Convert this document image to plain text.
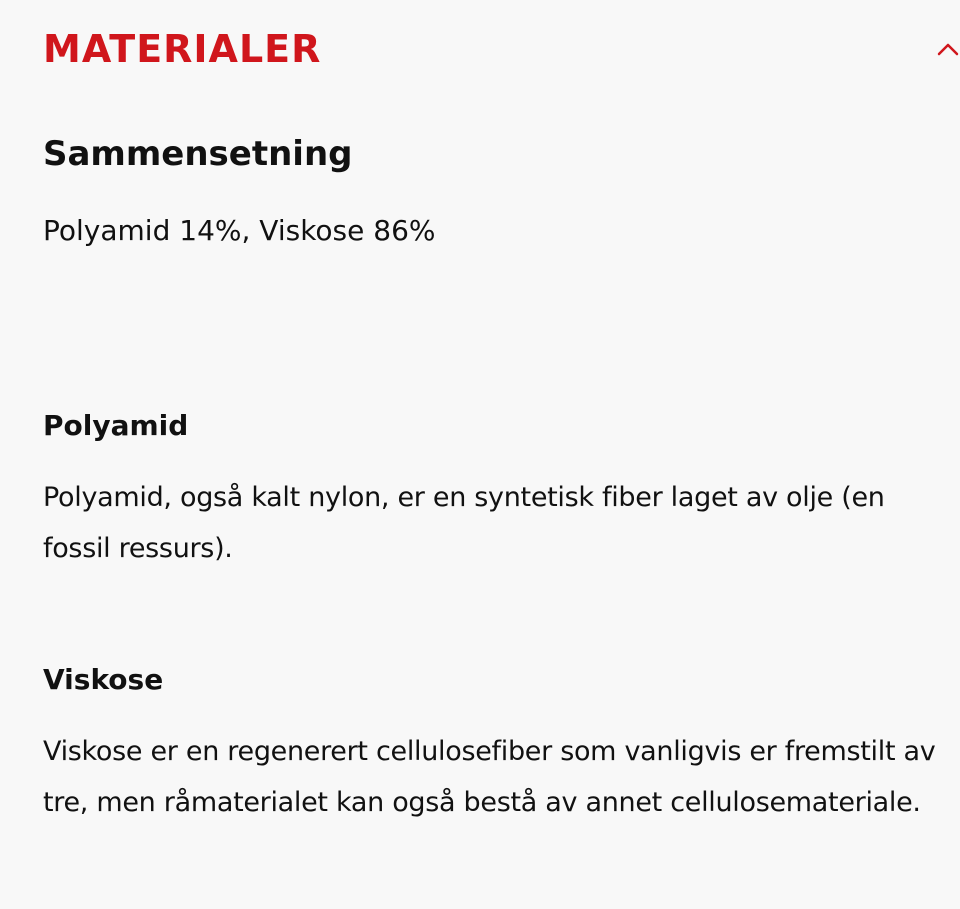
MATERIALER
Sammensetning

Polyamid 14%, Viskose 86%

Polyamid

Polyamid, også kalt nylon, er en syntetisk fiber laget av olje (en fossil ressurs).

Viskose

Viskose er en regenerert cellulosefiber som vanligvis er fremstilt av tre, men råmaterialet kan også bestå av annet cellulosemateriale.
